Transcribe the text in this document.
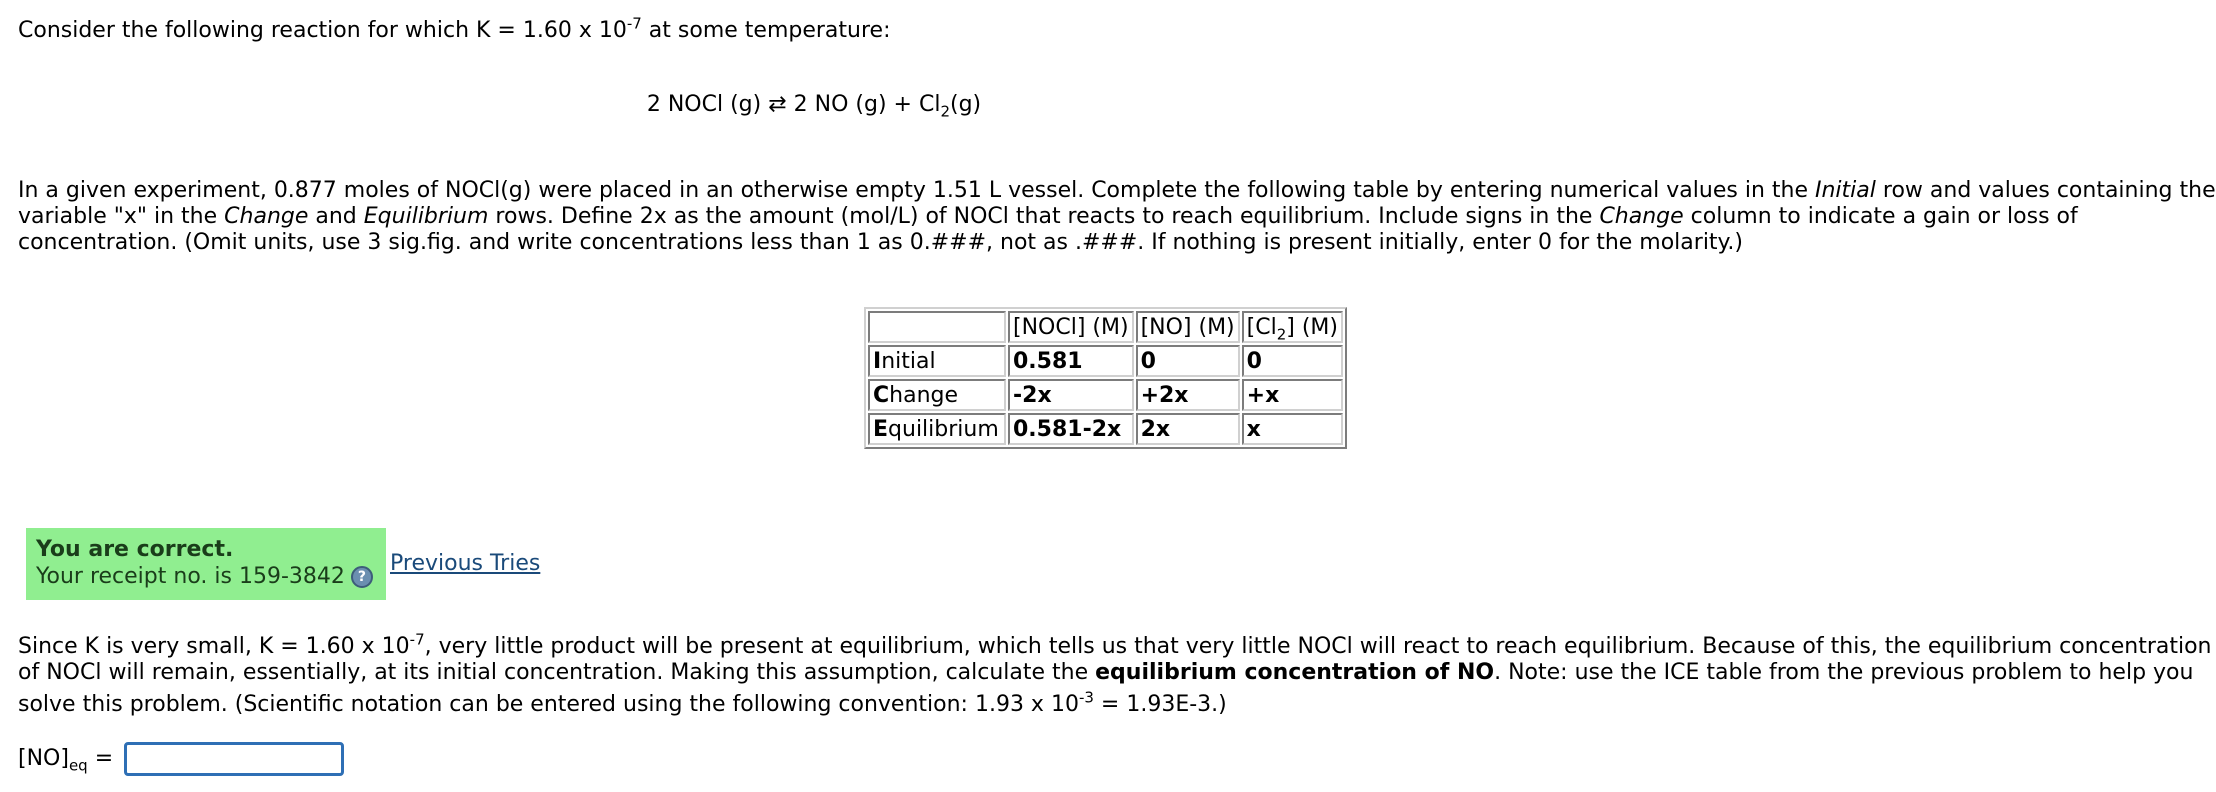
Consider the following reaction for which K = 1.60 x $10^{-7}$ at some temperature:
2 NOCl (g) ⇄ 2 NO $(g) + Cl_2(g)$
In a given experiment, 0.877 moles of NOCl(g) were placed in an otherwise empty 1.51 L vessel. Complete the following table by entering numerical values in the Initial row and values containing the
variable "x" in the Change and Equilibrium rows. Define 2x as the amount (mol/L) of NOCl that reacts to reach equilibrium. Include signs in the Change column to indicate a gain or loss of
concentration. (Omit units, use 3 sig.fig. and write concentrations less than 1 as 0.###, not as .###. If nothing is present initially, enter 0 for the molarity.)
	[NOCl] (M)	[NO] (M)	$[Cl_2]$ (M)
Initial	0.581	0	0
Change	-2x	+2x	+x
Equilibrium	0.581-2x	2x	x
You are correct.
Your receipt no. is 159-3842 ?
Previous Tries
Since K is very small, K = 1.60 x $10^{-7}$, very little product will be present at equilibrium, which tells us that very little NOCl will react to reach equilibrium. Because of this, the equilibrium concentration
of NOCl will remain, essentially, at its initial concentration. Making this assumption, calculate the equilibrium concentration of NO. Note: use the ICE table from the previous problem to help you
solve this problem. (Scientific notation can be entered using the following convention: 1.93 x $10^{-3} = 1.93E-3$.)
$[NO]_{eq}$ =
